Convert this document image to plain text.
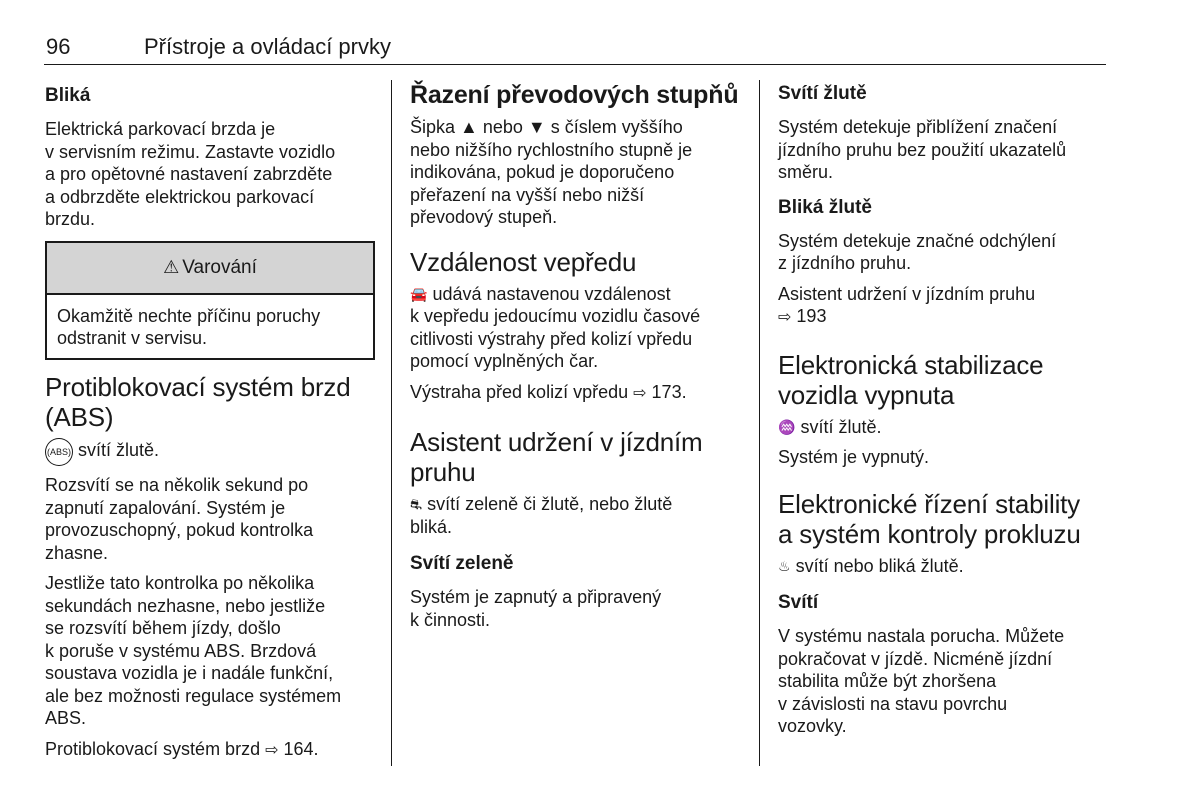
96	Přístroje a ovládací prvky
Bliká

Elektrická parkovací brzda je
v servisním režimu. Zastavte vozidlo
a pro opětovné nastavení zabrzděte
a odbrzděte elektrickou parkovací
brzdu.

⚠ Varování
Okamžitě nechte příčinu poruchy
odstranit v servisu.
Protiblokovací systém brzd
(ABS)

(ABS) svítí žlutě.

Rozsvítí se na několik sekund po
zapnutí zapalování. Systém je
provozuschopný, pokud kontrolka
zhasne.

Jestliže tato kontrolka po několika
sekundách nezhasne, nebo jestliže
se rozsvítí během jízdy, došlo
k poruše v systému ABS. Brzdová
soustava vozidla je i nadále funkční,
ale bez možnosti regulace systémem
ABS.

Protiblokovací systém brzd ⇨ 164.

Řazení převodových stupňů

Šipka ▲ nebo ▼ s číslem vyššího
nebo nižšího rychlostního stupně je
indikována, pokud je doporučeno
přeřazení na vyšší nebo nižší
převodový stupeň.

Vzdálenost vepředu

🚘 udává nastavenou vzdálenost
k vepředu jedoucímu vozidlu časové
citlivosti výstrahy před kolizí vpředu
pomocí vyplněných čar.

Výstraha před kolizí vpředu ⇨ 173.

Asistent udržení v jízdním
pruhu

⛐ svítí zeleně či žlutě, nebo žlutě
bliká.

Svítí zeleně

Systém je zapnutý a připravený
k činnosti.

Svítí žlutě

Systém detekuje přiblížení značení
jízdního pruhu bez použití ukazatelů
směru.

Bliká žlutě

Systém detekuje značné odchýlení
z jízdního pruhu.

Asistent udržení v jízdním pruhu
⇨ 193

Elektronická stabilizace
vozidla vypnuta

♒ svítí žlutě.

Systém je vypnutý.

Elektronické řízení stability
a systém kontroly prokluzu

♨ svítí nebo bliká žlutě.

Svítí

V systému nastala porucha. Můžete
pokračovat v jízdě. Nicméně jízdní
stabilita může být zhoršena
v závislosti na stavu povrchu
vozovky.
